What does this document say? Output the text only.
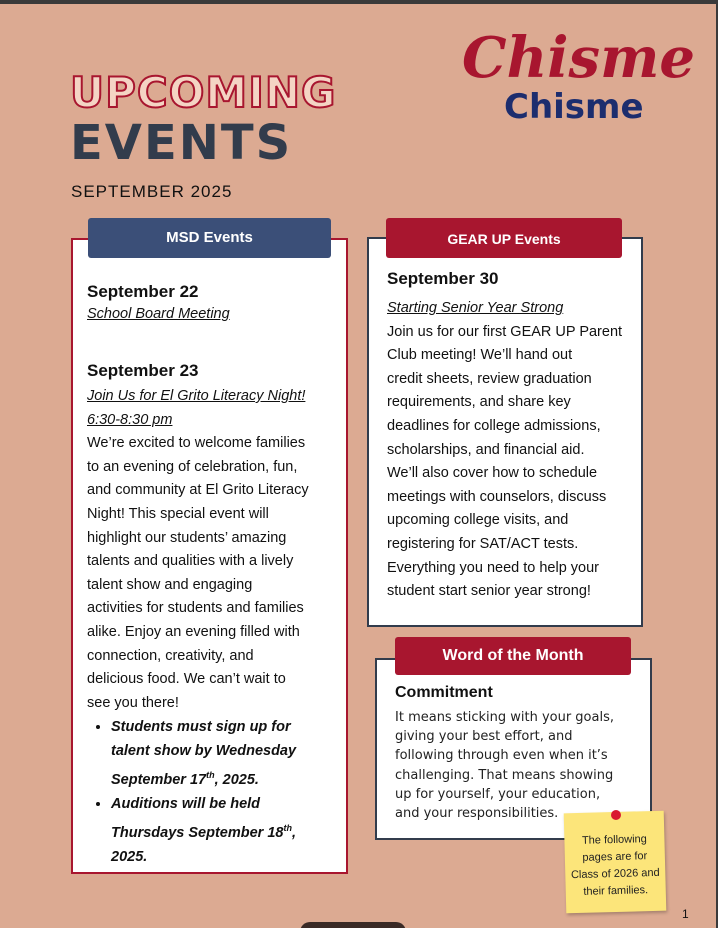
UPCOMING
EVENTS
SEPTEMBER 2025
Chisme
Chisme

September 22

School Board Meeting

September 23

Join Us for El Grito Literacy Night!
6:30-8:30 pm
We’re excited to welcome families
to an evening of celebration, fun,
and community at El Grito Literacy
Night! This special event will
highlight our students’ amazing
talents and qualities with a lively
talent show and engaging
activities for students and families
alike. Enjoy an evening filled with
connection, creativity, and
delicious food. We can’t wait to
see you there!
• Students must sign up for
talent show by Wednesday
September 17th, 2025.
• Auditions will be held
Thursdays September 18th,
2025.
MSD Events

September 30

Starting Senior Year Strong
Join us for our first GEAR UP Parent
Club meeting! We’ll hand out
credit sheets, review graduation
requirements, and share key
deadlines for college admissions,
scholarships, and financial aid.
We’ll also cover how to schedule
meetings with counselors, discuss
upcoming college visits, and
registering for SAT/ACT tests.
Everything you need to help your
student start senior year strong!
GEAR UP Events

Commitment

It means sticking with your goals,
giving your best effort, and
following through even when it’s
challenging. That means showing
up for yourself, your education,
and your responsibilities.
Word of the Month
The following
pages are for
Class of 2026 and
their families.
1
